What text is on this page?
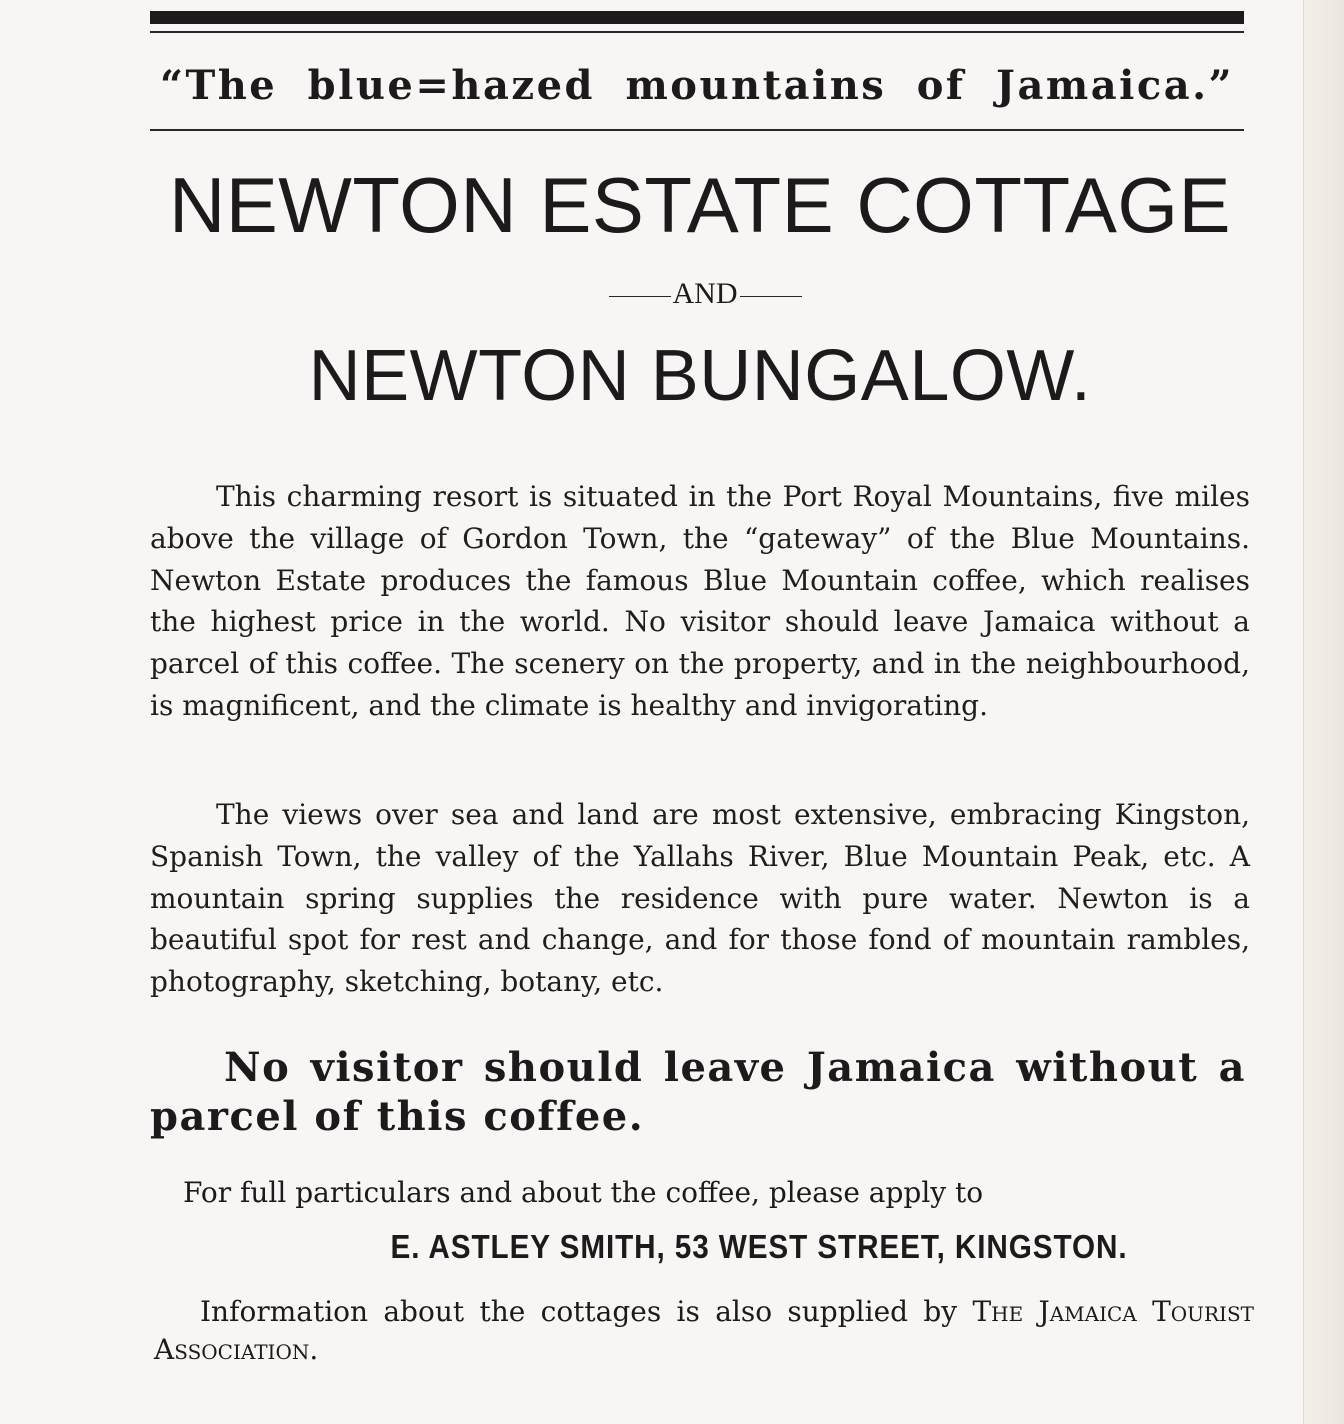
“The blue=hazed mountains of Jamaica.”
NEWTON ESTATE COTTAGE
AND
NEWTON BUNGALOW.

This charming resort is situated in the Port Royal Mountains, five miles above the village of Gordon Town, the “gateway” of the Blue Mountains. Newton Estate produces the famous Blue Mountain coffee, which realises the highest price in the world. No visitor should leave Jamaica without a parcel of this coffee. The scenery on the property, and in the neighbourhood, is magnificent, and the climate is healthy and invigorating.

The views over sea and land are most extensive, embracing Kingston, Spanish Town, the valley of the Yallahs River, Blue Mountain Peak, etc. A mountain spring supplies the residence with pure water. Newton is a beautiful spot for rest and change, and for those fond of mountain rambles, photography, sketching, botany, etc.

No visitor should leave Jamaica without a parcel of this coffee.
For full particulars and about the coffee, please apply to
E. ASTLEY SMITH, 53 WEST STREET, KINGSTON.
Information about the cottages is also supplied by The Jamaica Tourist Association.
